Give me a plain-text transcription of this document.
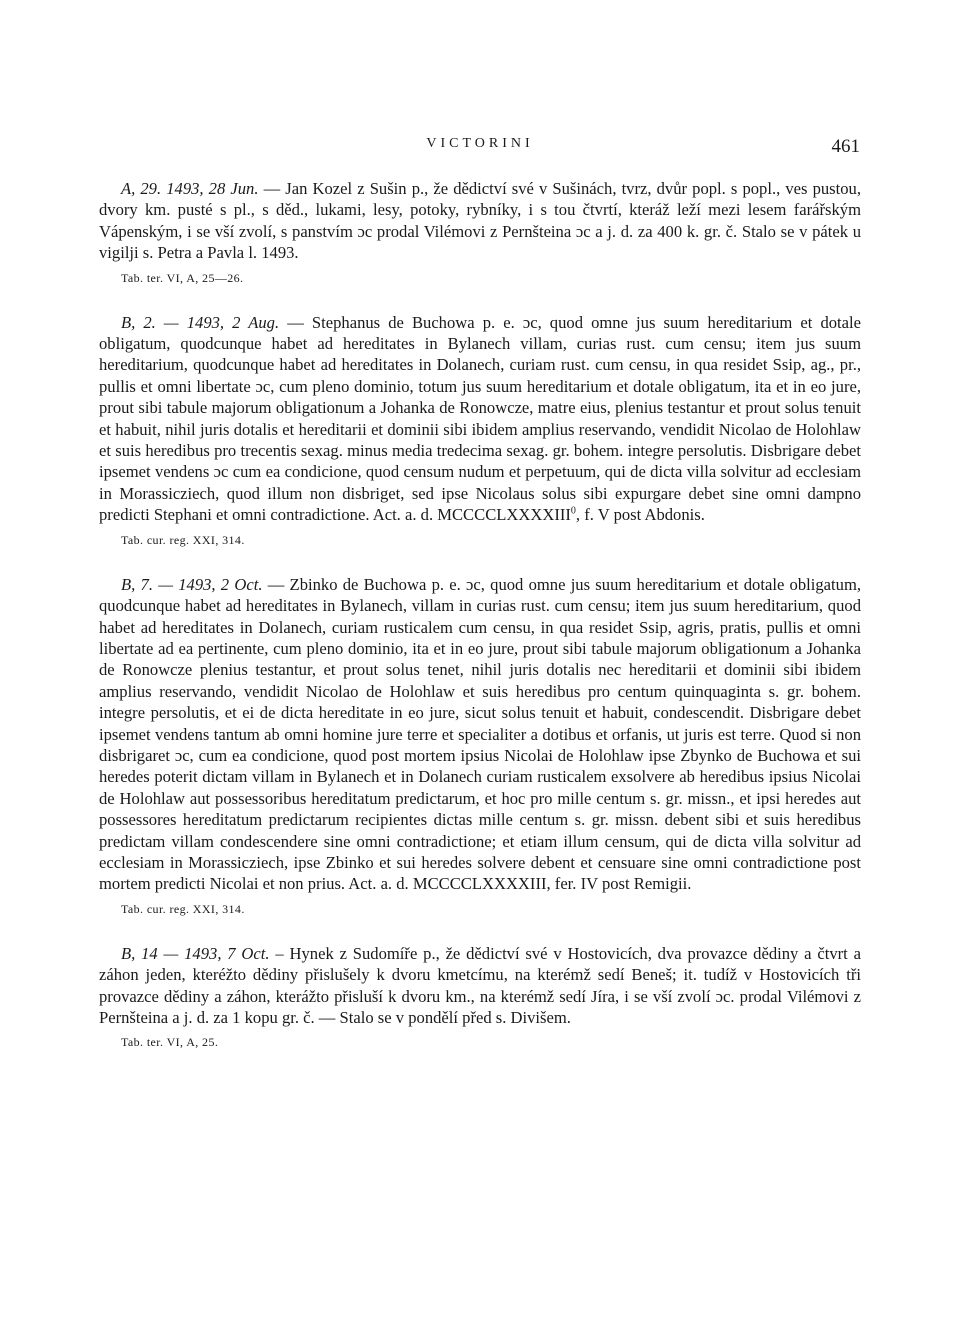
VICTORINI	461

A, 29. 1493, 28 Jun. — Jan Kozel z Sušin p., že dědictví své v Sušinách, tvrz, dvůr popl. s popl., ves pustou, dvory km. pusté s pl., s děd., lukami, lesy, potoky, rybníky, i s tou čtvrtí, kteráž leží mezi lesem farářským Vápenským, i se vší zvolí, s panstvím ɔc prodal Vilémovi z Pernšteina ɔc a j. d. za 400 k. gr. č. Stalo se v pátek u vigilji s. Petra a Pavla l. 1493.

Tab. ter. VI, A, 25—26.

B, 2. — 1493, 2 Aug. — Stephanus de Buchowa p. e. ɔc, quod omne jus suum hereditarium et dotale obligatum, quodcunque habet ad hereditates in Bylanech villam, curias rust. cum censu; item jus suum hereditarium, quodcunque habet ad hereditates in Dolanech, curiam rust. cum censu, in qua residet Ssip, ag., pr., pullis et omni libertate ɔc, cum pleno dominio, totum jus suum hereditarium et dotale obligatum, ita et in eo jure, prout sibi tabule majorum obligationum a Johanka de Ronowcze, matre eius, plenius testantur et prout solus tenuit et habuit, nihil juris dotalis et hereditarii et dominii sibi ibidem amplius reservando, vendidit Nicolao de Holohlaw et suis heredibus pro trecentis sexag. minus media tredecima sexag. gr. bohem. integre persolutis. Disbrigare debet ipsemet vendens ɔc cum ea condicione, quod censum nudum et perpetuum, qui de dicta villa solvitur ad ecclesiam in Morassicziech, quod illum non disbriget, sed ipse Nicolaus solus sibi expurgare debet sine omni dampno predicti Stephani et omni contradictione. Act. a. d. MCCCCLXXXXIII$^0$, f. V post Abdonis.

Tab. cur. reg. XXI, 314.

B, 7. — 1493, 2 Oct. — Zbinko de Buchowa p. e. ɔc, quod omne jus suum hereditarium et dotale obligatum, quodcunque habet ad hereditates in Bylanech, villam in curias rust. cum censu; item jus suum hereditarium, quod habet ad hereditates in Dolanech, curiam rusticalem cum censu, in qua residet Ssip, agris, pratis, pullis et omni libertate ad ea pertinente, cum pleno dominio, ita et in eo jure, prout sibi tabule majorum obligationum a Johanka de Ronowcze plenius testantur, et prout solus tenet, nihil juris dotalis nec hereditarii et dominii sibi ibidem amplius reservando, vendidit Nicolao de Holohlaw et suis heredibus pro centum quinquaginta s. gr. bohem. integre persolutis, et ei de dicta hereditate in eo jure, sicut solus tenuit et habuit, condescendit. Disbrigare debet ipsemet vendens tantum ab omni homine jure terre et specialiter a dotibus et orfanis, ut juris est terre. Quod si non disbrigaret ɔc, cum ea condicione, quod post mortem ipsius Nicolai de Holohlaw ipse Zbynko de Buchowa et sui heredes poterit dictam villam in Bylanech et in Dolanech curiam rusticalem exsolvere ab heredibus ipsius Nicolai de Holohlaw aut possessoribus hereditatum predictarum, et hoc pro mille centum s. gr. missn., et ipsi heredes aut possessores hereditatum predictarum recipientes dictas mille centum s. gr. missn. debent sibi et suis heredibus predictam villam condescendere sine omni contradictione; et etiam illum censum, qui de dicta villa solvitur ad ecclesiam in Morassicziech, ipse Zbinko et sui heredes solvere debent et censuare sine omni contradictione post mortem predicti Nicolai et non prius. Act. a. d. MCCCCLXXXXIII, fer. IV post Remigii.

Tab. cur. reg. XXI, 314.

B, 14 — 1493, 7 Oct. – Hynek z Sudomíře p., že dědictví své v Hostovicích, dva provazce dědiny a čtvrt a záhon jeden, kteréžto dědiny přislušely k dvoru kmetcímu, na kterémž sedí Beneš; it. tudíž v Hostovicích tři provazce dědiny a záhon, kterážto přisluší k dvoru km., na kterémž sedí Jíra, i se vší zvolí ɔc. prodal Vilémovi z Pernšteina a j. d. za 1 kopu gr. č. — Stalo se v pondělí před s. Divišem.

Tab. ter. VI, A, 25.
